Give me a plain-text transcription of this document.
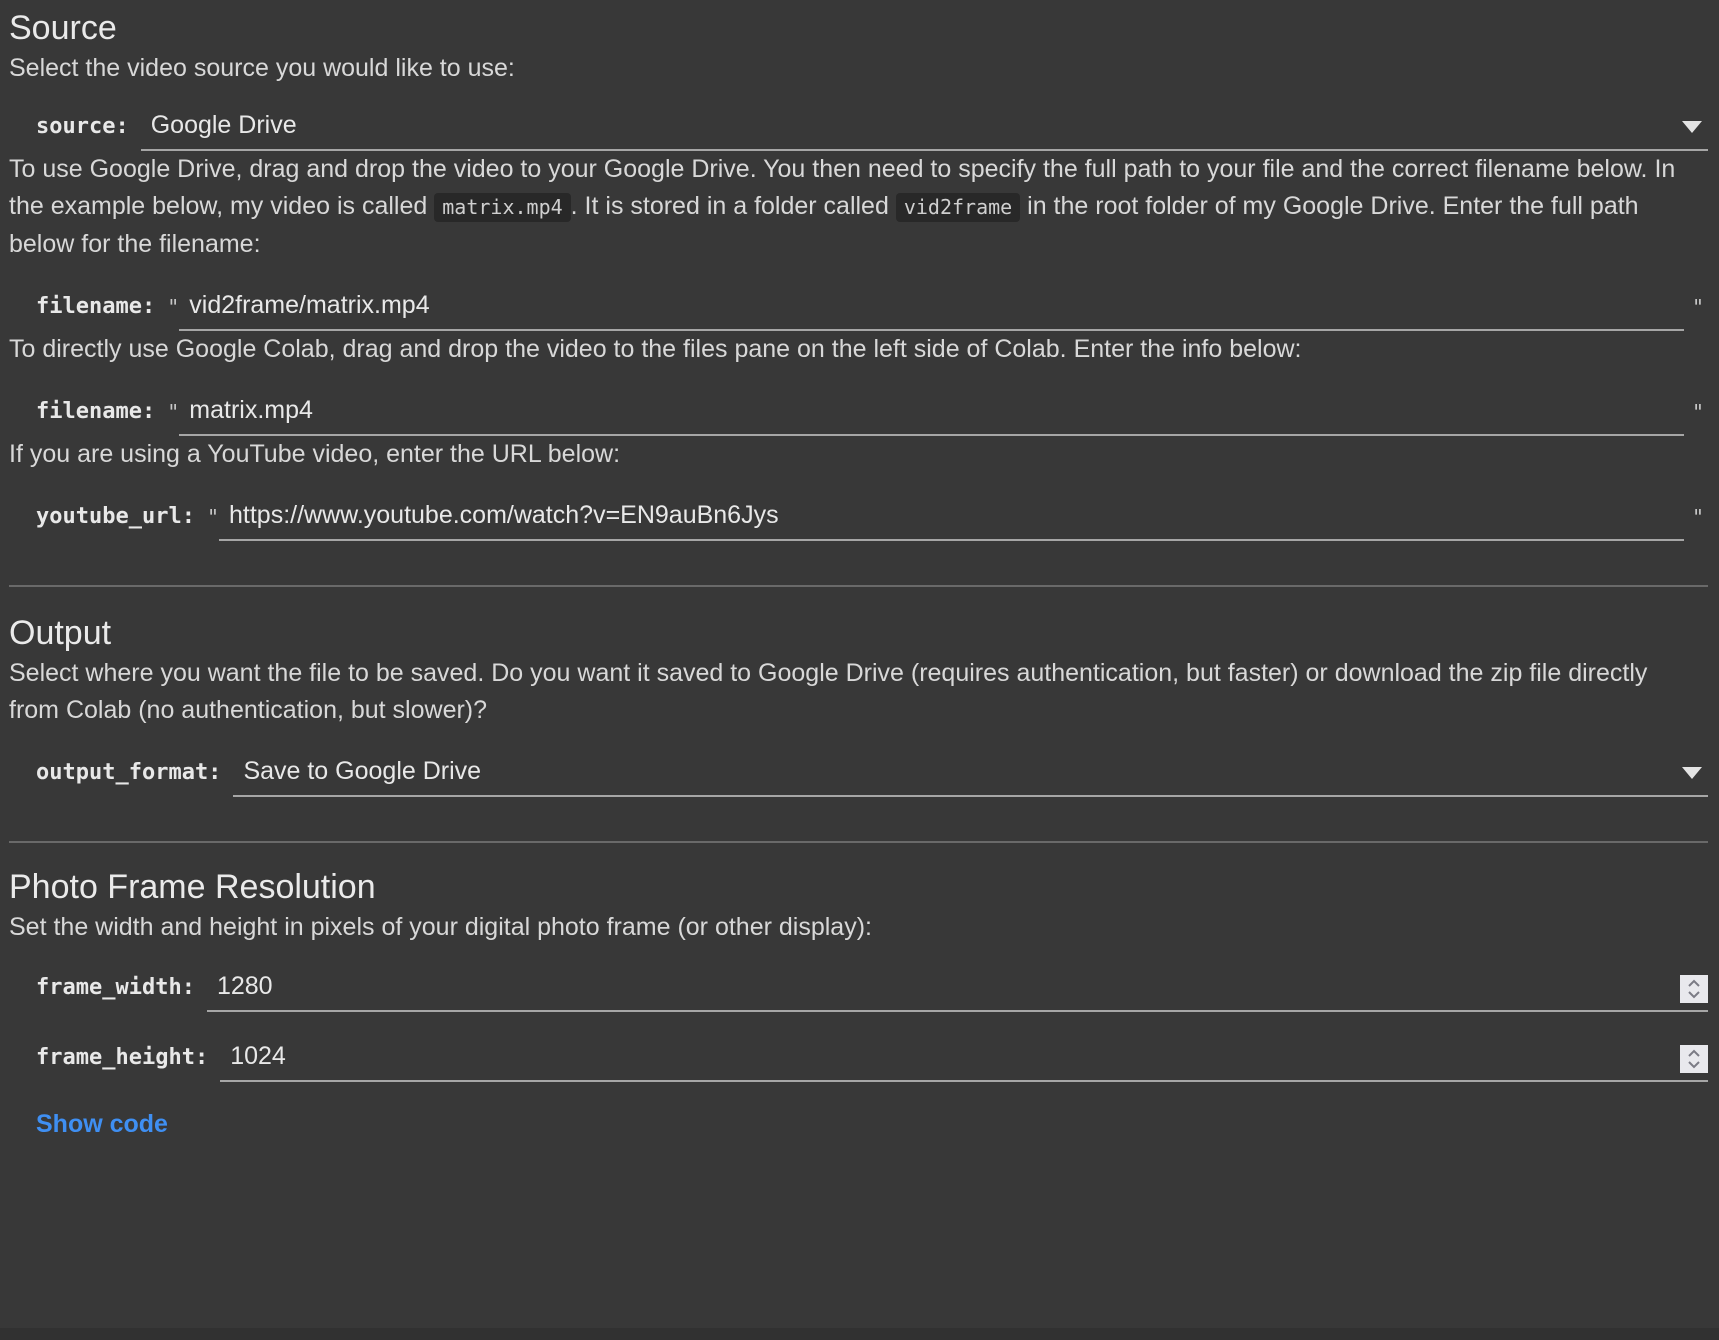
Source

Select the video source you would like to use:

source: Google Drive

To use Google Drive, drag and drop the video to your Google Drive. You then need to specify the full path to your file and the correct filename below. In the example below, my video is called matrix.mp4 . It is stored in a folder called vid2frame in the root folder of my Google Drive. Enter the full path below for the filename:

filename: "
vid2frame/matrix.mp4	"

To directly use Google Colab, drag and drop the video to the files pane on the left side of Colab. Enter the info below:

filename: "
matrix.mp4	"

If you are using a YouTube video, enter the URL below:

youtube_url: "
https://www.youtube.com/watch?v=EN9auBn6Jys	"
Output

Select where you want the file to be saved. Do you want it saved to Google Drive (requires authentication, but faster) or download the zip file directly from Colab (no authentication, but slower)?

output_format: Save to Google Drive
Photo Frame Resolution

Set the width and height in pixels of your digital photo frame (or other display):

frame_width:
1280
frame_height:
1024
Show code
